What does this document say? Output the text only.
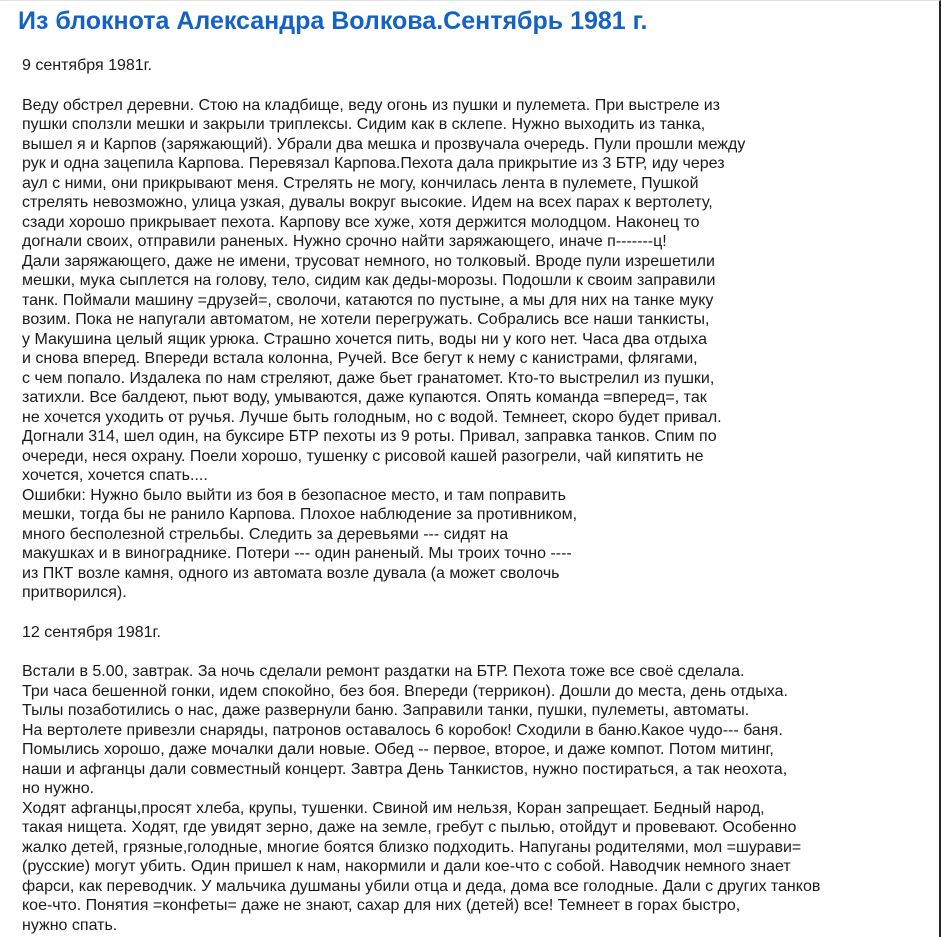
Из блокнота Александра Волкова.Сентябрь 1981 г.
9 сентября 1981г.
Веду обстрел деревни. Стою на кладбище, веду огонь из пушки и пулемета. При выстреле из
пушки сползли мешки и закрыли триплексы. Сидим как в склепе. Нужно выходить из танка,
вышел я и Карпов (заряжающий). Убрали два мешка и прозвучала очередь. Пули прошли между
рук и одна зацепила Карпова. Перевязал Карпова.Пехота дала прикрытие из 3 БТР, иду через
аул с ними, они прикрывают меня. Стрелять не могу, кончилась лента в пулемете, Пушкой
стрелять невозможно, улица узкая, дувалы вокруг высокие. Идем на всех парах к вертолету,
сзади хорошо прикрывает пехота. Карпову все хуже, хотя держится молодцом. Наконец то
догнали своих, отправили раненых. Нужно срочно найти заряжающего, иначе п-------ц!
Дали заряжающего, даже не имени, трусоват немного, но толковый. Вроде пули изрешетили
мешки, мука сыплется на голову, тело, сидим как деды-морозы. Подошли к своим заправили
танк. Поймали машину =друзей=, сволочи, катаются по пустыне, а мы для них на танке муку
возим. Пока не напугали автоматом, не хотели перегружать. Собрались все наши танкисты,
у Макушина целый ящик урюка. Страшно хочется пить, воды ни у кого нет. Часа два отдыха
и снова вперед. Впереди встала колонна, Ручей. Все бегут к нему с канистрами, флягами,
с чем попало. Издалека по нам стреляют, даже бьет гранатомет. Кто-то выстрелил из пушки,
затихли. Все балдеют, пьют воду, умываются, даже купаются. Опять команда =вперед=, так
не хочется уходить от ручья. Лучше быть голодным, но с водой. Темнеет, скоро будет привал.
Догнали 314, шел один, на буксире БТР пехоты из 9 роты. Привал, заправка танков. Спим по
очереди, неся охрану. Поели хорошо, тушенку с рисовой кашей разогрели, чай кипятить не
хочется, хочется спать....
Ошибки: Нужно было выйти из боя в безопасное место, и там поправить
мешки, тогда бы не ранило Карпова. Плохое наблюдение за противником,
много бесполезной стрельбы. Следить за деревьями --- сидят на
макушках и в винограднике. Потери --- один раненый. Мы троих точно ----
из ПКТ возле камня, одного из автомата возле дувала (а может сволочь
притворился).
12 сентября 1981г.
Встали в 5.00, завтрак. За ночь сделали ремонт раздатки на БТР. Пехота тоже все своё сделала.
Три часа бешенной гонки, идем спокойно, без боя. Впереди (террикон). Дошли до места, день отдыха.
Тылы позаботились о нас, даже развернули баню. Заправили танки, пушки, пулеметы, автоматы.
На вертолете привезли снаряды, патронов оставалось 6 коробок! Сходили в баню.Какое чудо--- баня.
Помылись хорошо, даже мочалки дали новые. Обед -- первое, второе, и даже компот. Потом митинг,
наши и афганцы дали совместный концерт. Завтра День Танкистов, нужно постираться, а так неохота,
но нужно.
Ходят афганцы,просят хлеба, крупы, тушенки. Свиной им нельзя, Коран запрещает. Бедный народ,
такая нищета. Ходят, где увидят зерно, даже на земле, гребут с пылью, отойдут и провевают. Особенно
жалко детей, грязные,голодные, многие боятся близко подходить. Напуганы родителями, мол =шурави=
(русские) могут убить. Один пришел к нам, накормили и дали кое-что с собой. Наводчик немного знает
фарси, как переводчик. У мальчика душманы убили отца и деда, дома все голодные. Дали с других танков
кое-что. Понятия =конфеты= даже не знают, сахар для них (детей) все! Темнеет в горах быстро,
нужно спать.
